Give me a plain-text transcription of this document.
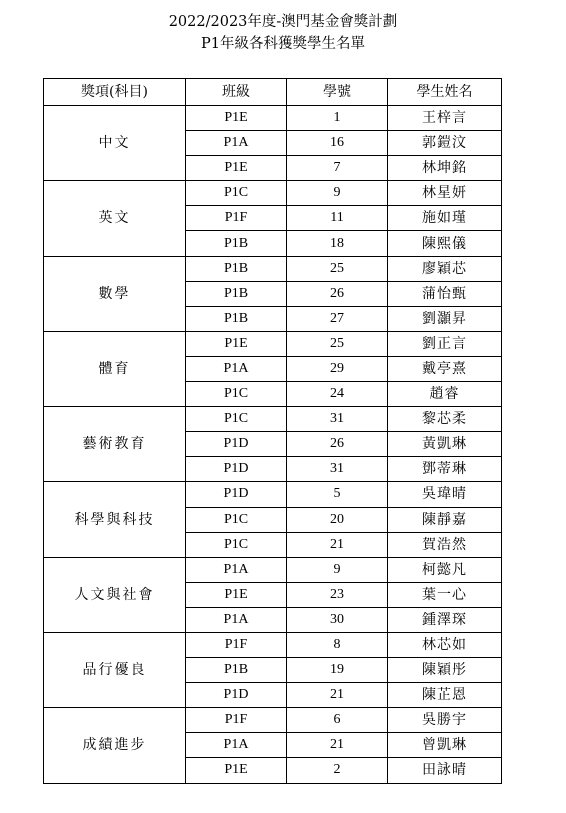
2022/2023年度-澳門基金會獎計劃
P1年級各科獲獎學生名單
獎項(科目)	班級	學號	學生姓名
中文	P1E	1	王梓言
	P1A	16	郭鎧汶
	P1E	7	林坤銘
英文	P1C	9	林星妍
	P1F	11	施如瑾
	P1B	18	陳熙儀
數學	P1B	25	廖穎芯
	P1B	26	蒲怡甄
	P1B	27	劉灝昇
體育	P1E	25	劉正言
	P1A	29	戴亭熹
	P1C	24	趙睿
藝術教育	P1C	31	黎芯柔
	P1D	26	黃凱琳
	P1D	31	鄧蒂琳
科學與科技	P1D	5	吳瑋晴
	P1C	20	陳靜嘉
	P1C	21	賀浩然
人文與社會	P1A	9	柯懿凡
	P1E	23	葉一心
	P1A	30	鍾澤琛
品行優良	P1F	8	林芯如
	P1B	19	陳穎彤
	P1D	21	陳芷恩
成績進步	P1F	6	吳勝宇
	P1A	21	曾凱琳
	P1E	2	田詠晴
